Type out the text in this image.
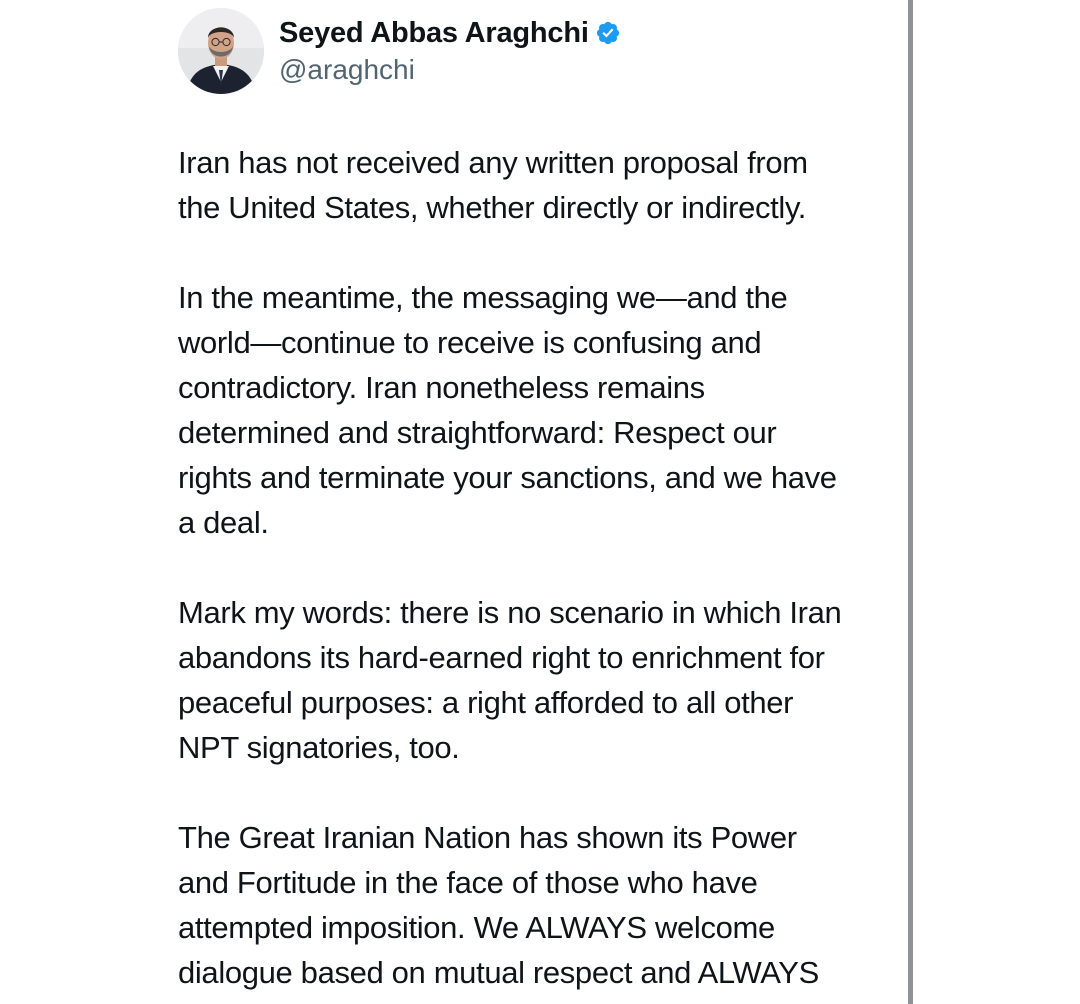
Seyed Abbas Araghchi
@araghchi

Iran has not received any written proposal from
the United States, whether directly or indirectly.

In the meantime, the messaging we—and the
world—continue to receive is confusing and
contradictory. Iran nonetheless remains
determined and straightforward: Respect our
rights and terminate your sanctions, and we have
a deal.

Mark my words: there is no scenario in which Iran
abandons its hard-earned right to enrichment for
peaceful purposes: a right afforded to all other
NPT signatories, too.

The Great Iranian Nation has shown its Power
and Fortitude in the face of those who have
attempted imposition. We ALWAYS welcome
dialogue based on mutual respect and ALWAYS
